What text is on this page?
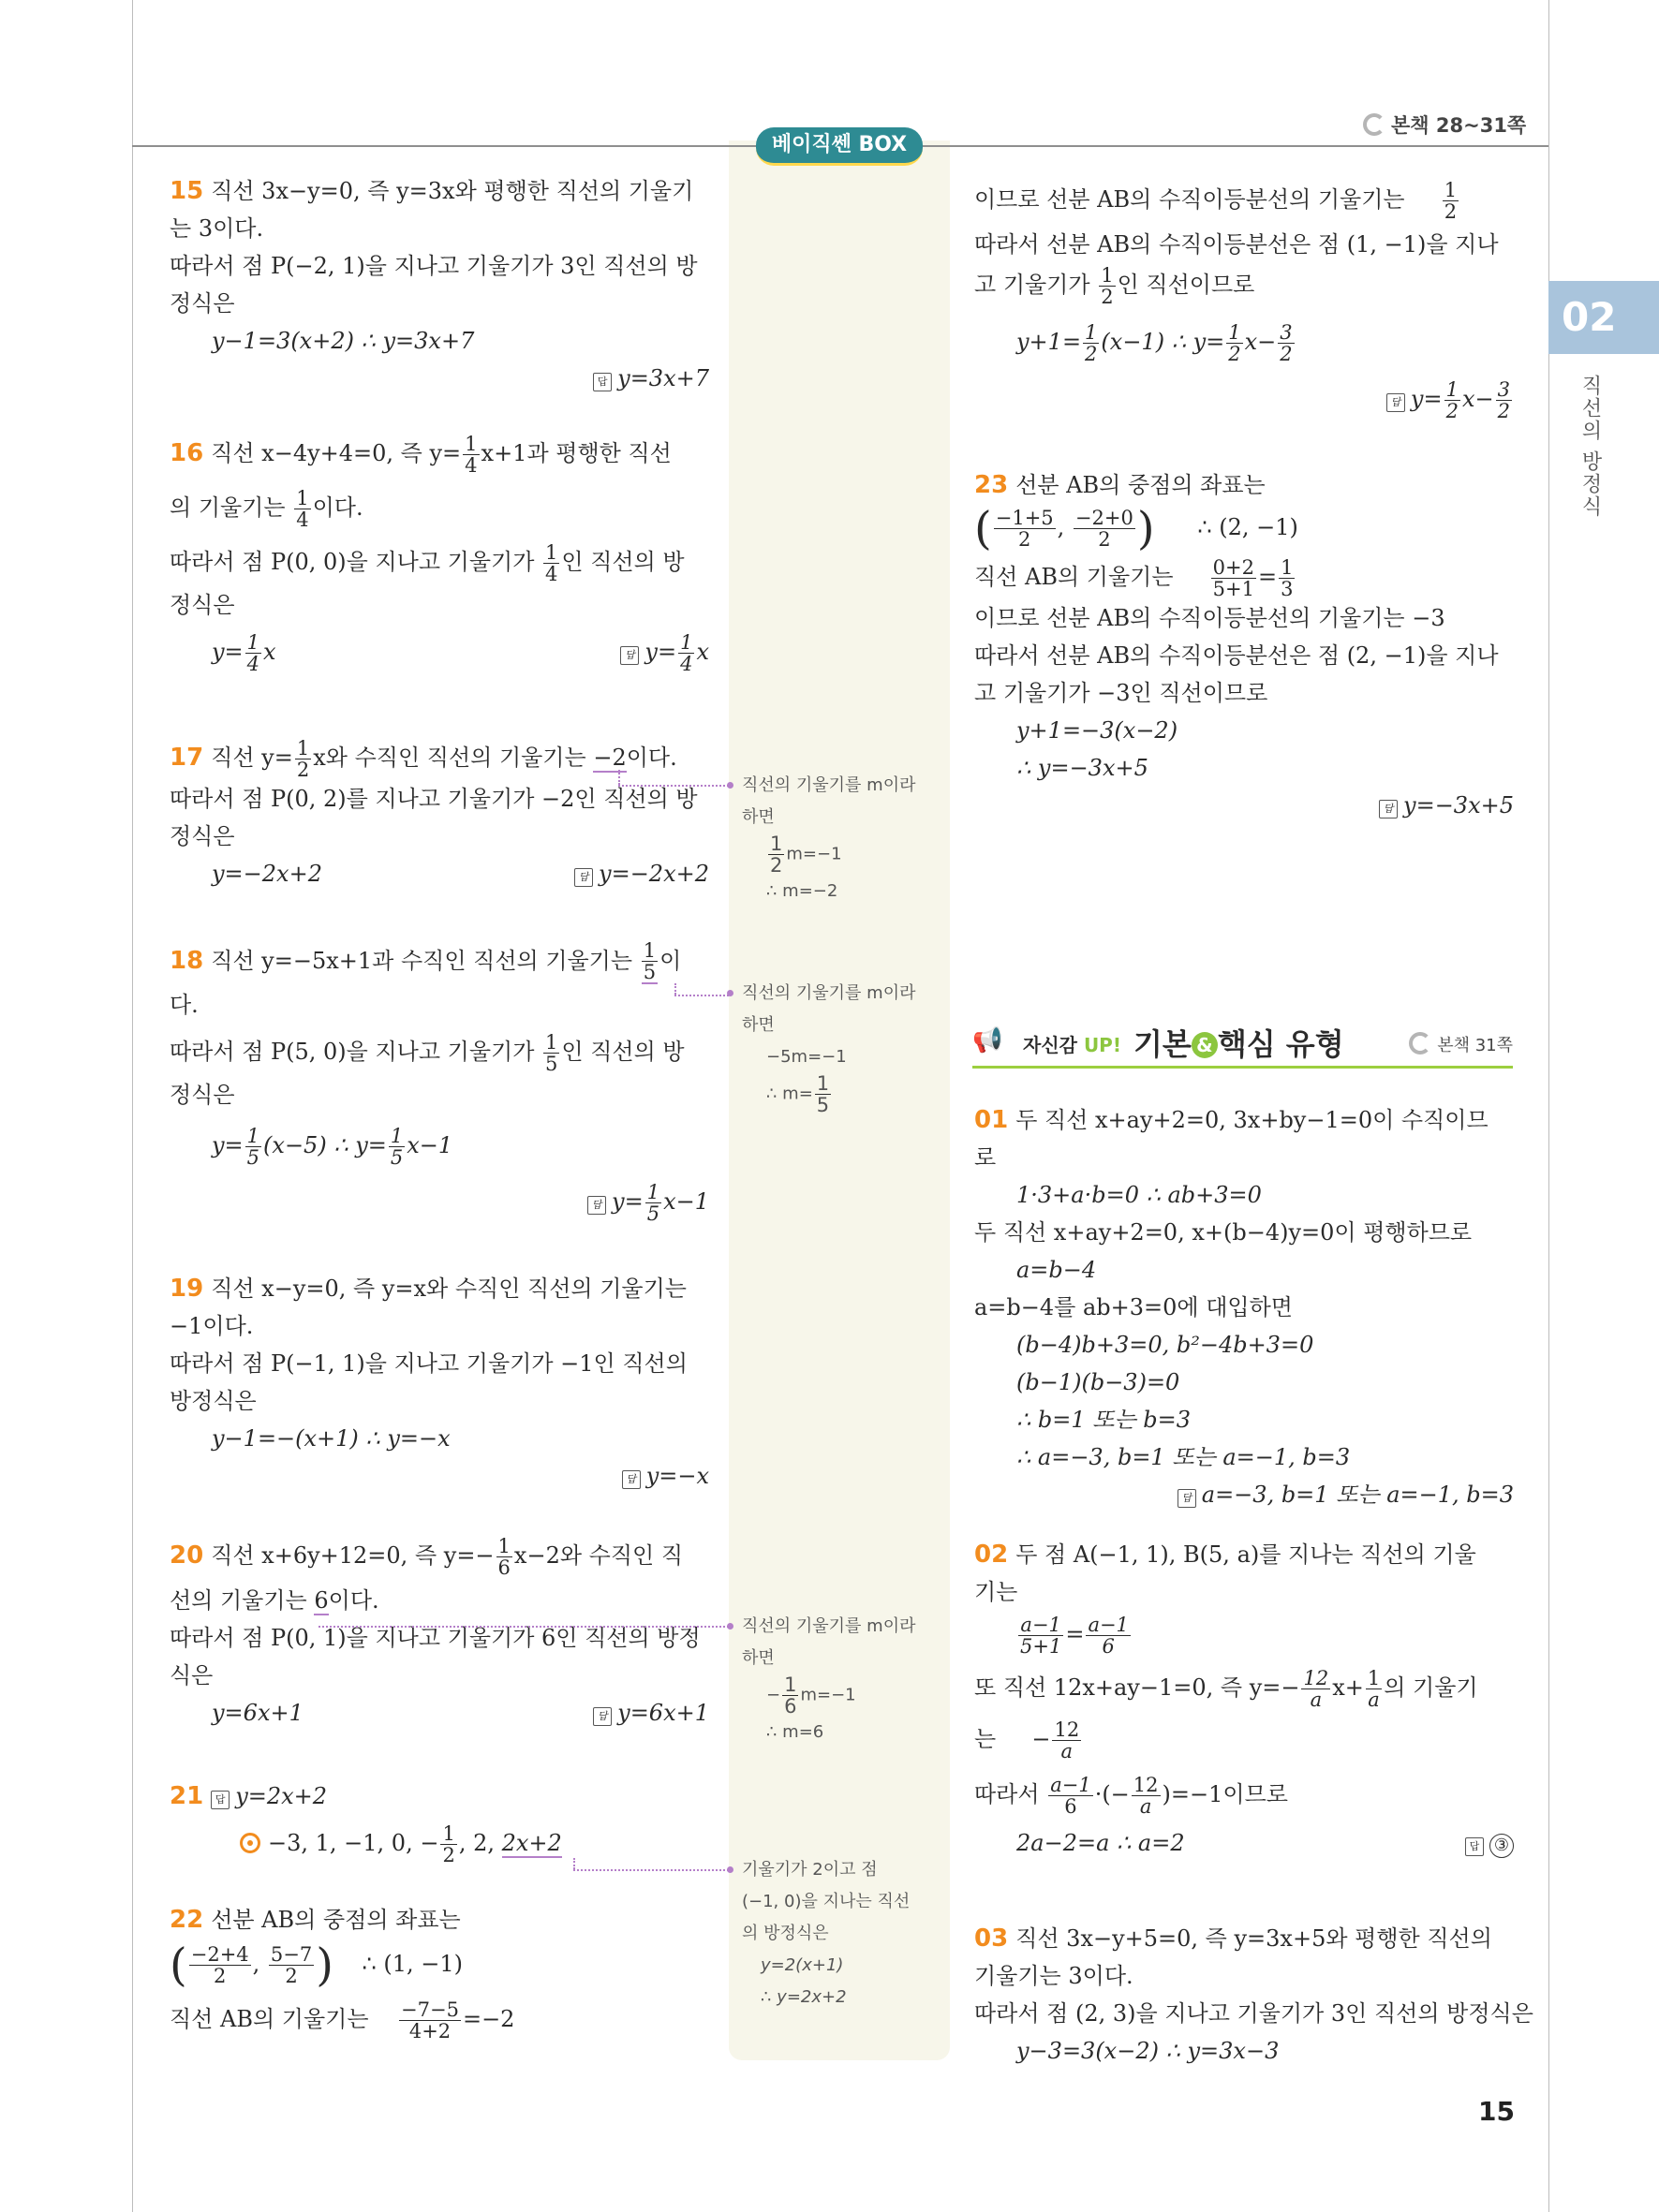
본책 28~31쪽
베이직쎈 BOX
02
직선의 방정식
15 직선 3x−y=0, 즉 y=3x와 평행한 직선의 기울기
는 3이다.
따라서 점 P(−2, 1)을 지나고 기울기가 3인 직선의 방
정식은
y−1=3(x+2) ∴ y=3x+7
답 y=3x+7
16 직선 x−4y+4=0, 즉 $y= \frac{1}{4} x+1$과 평행한 직선
의 기울기는 $\frac{1}{4}$ 이다.
따라서 점 P(0, 0)을 지나고 기울기가 $\frac{1}{4}$ 인 직선의 방
정식은
$y= \frac{1}{4}$ x	답 $y= \frac{1}{4}$ x
17 직선 $y= \frac{1}{2}$ x와 수직인 직선의 기울기는 −2이다.
따라서 점 P(0, 2)를 지나고 기울기가 −2인 직선의 방
정식은
y=−2x+2	답 y=−2x+2
18 직선 y=−5x+1과 수직인 직선의 기울기는 $\frac{1}{5}$ 이
다.
따라서 점 P(5, 0)을 지나고 기울기가 $\frac{1}{5}$ 인 직선의 방
정식은
$y= \frac{1}{5} (x-5)$ ∴ $y= \frac{1}{5} x-1$
답 $y= \frac{1}{5} x-1$
19 직선 x−y=0, 즉 y=x와 수직인 직선의 기울기는
−1이다.
따라서 점 P(−1, 1)을 지나고 기울기가 −1인 직선의
방정식은
y−1=−(x+1) ∴ y=−x
답 y=−x
20 직선 x+6y+12=0, 즉 $y=- \frac{1}{6} x-2$와 수직인 직
선의 기울기는 6이다.
따라서 점 P(0, 1)을 지나고 기울기가 6인 직선의 방정
식은
y=6x+1	답 y=6x+1
21 답 y=2x+2
−3, 1, −1, 0, − $\frac{1}{2}$ , 2, 2x+2
22 선분 AB의 중점의 좌표는
( $\frac{-2+4}{2}$ , $\frac{5-7}{2}$ ) ∴ (1, −1)
직선 AB의 기울기는 $\frac{-7-5}{4+2} =-2$
직선의 기울기를 m이라
하면
$\frac{1}{2} m=-1$
∴ m=−2
직선의 기울기를 m이라
하면
−5m=−1
∴ $m= \frac{1}{5}$
직선의 기울기를 m이라
하면
− $\frac{1}{6} m=-1$
∴ m=6
기울기가 2이고 점
(−1, 0)을 지나는 직선
의 방정식은
y=2(x+1)
∴ y=2x+2
이므로 선분 AB의 수직이등분선의 기울기는 $\frac{1}{2}$
따라서 선분 AB의 수직이등분선은 점 (1, −1)을 지나
고 기울기가 $\frac{1}{2}$ 인 직선이므로
$y+1= \frac{1}{2} (x-1)$ ∴ $y= \frac{1}{2} x- \frac{3}{2}$
답 $y= \frac{1}{2} x- \frac{3}{2}$
23 선분 AB의 중점의 좌표는
( $\frac{-1+5}{2}$ , $\frac{-2+0}{2}$ ) ∴ (2, −1)
직선 AB의 기울기는 $\frac{0+2}{5+1} = \frac{1}{3}$
이므로 선분 AB의 수직이등분선의 기울기는 −3
따라서 선분 AB의 수직이등분선은 점 (2, −1)을 지나
고 기울기가 −3인 직선이므로
y+1=−3(x−2)
∴ y=−3x+5
답 y=−3x+5
📢 자신감 UP! 기본 & 핵심 유형	본책 31쪽
01 두 직선 x+ay+2=0, 3x+by−1=0이 수직이므
로
1·3+a·b=0 ∴ ab+3=0
두 직선 x+ay+2=0, x+(b−4)y=0이 평행하므로
a=b−4
a=b−4를 ab+3=0에 대입하면
(b−4)b+3=0, b²−4b+3=0
(b−1)(b−3)=0
∴ b=1 또는 b=3
∴ a=−3, b=1 또는 a=−1, b=3
답 a=−3, b=1 또는 a=−1, b=3
02 두 점 A(−1, 1), B(5, a)를 지나는 직선의 기울
기는
$\frac{a-1}{5+1} = \frac{a-1}{6}$
또 직선 12x+ay−1=0, 즉 $y=- \frac{12}{a} x+ \frac{1}{a}$ 의 기울기
는 − $\frac{12}{a}$
따라서 $\frac{a-1}{6}$ ·(− $\frac{12}{a} )=-1$이므로
2a−2=a ∴ a=2	답 ③
03 직선 3x−y+5=0, 즉 y=3x+5와 평행한 직선의
기울기는 3이다.
따라서 점 (2, 3)을 지나고 기울기가 3인 직선의 방정식은
y−3=3(x−2) ∴ y=3x−3
15
